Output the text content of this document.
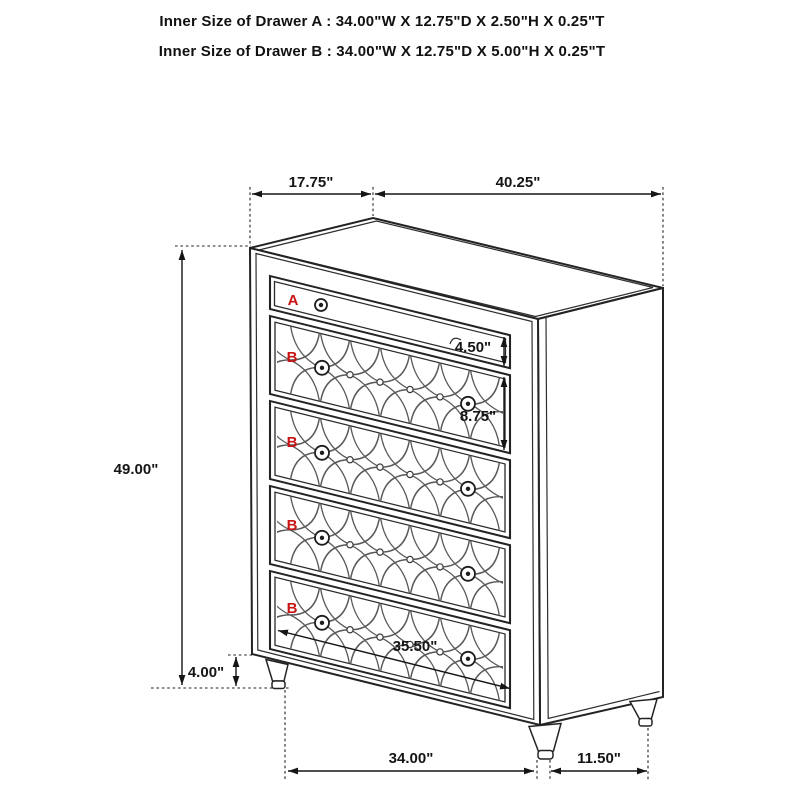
Inner Size of Drawer A : 34.00"W X 12.75"D X 2.50"H X 0.25"T
Inner Size of Drawer B : 34.00"W X 12.75"D X 5.00"H X 0.25"T
17.75"	40.25"
49.00"
4.50"
8.75"
35.50"
4.00"
34.00"	11.50"
A
B
B
B
B
